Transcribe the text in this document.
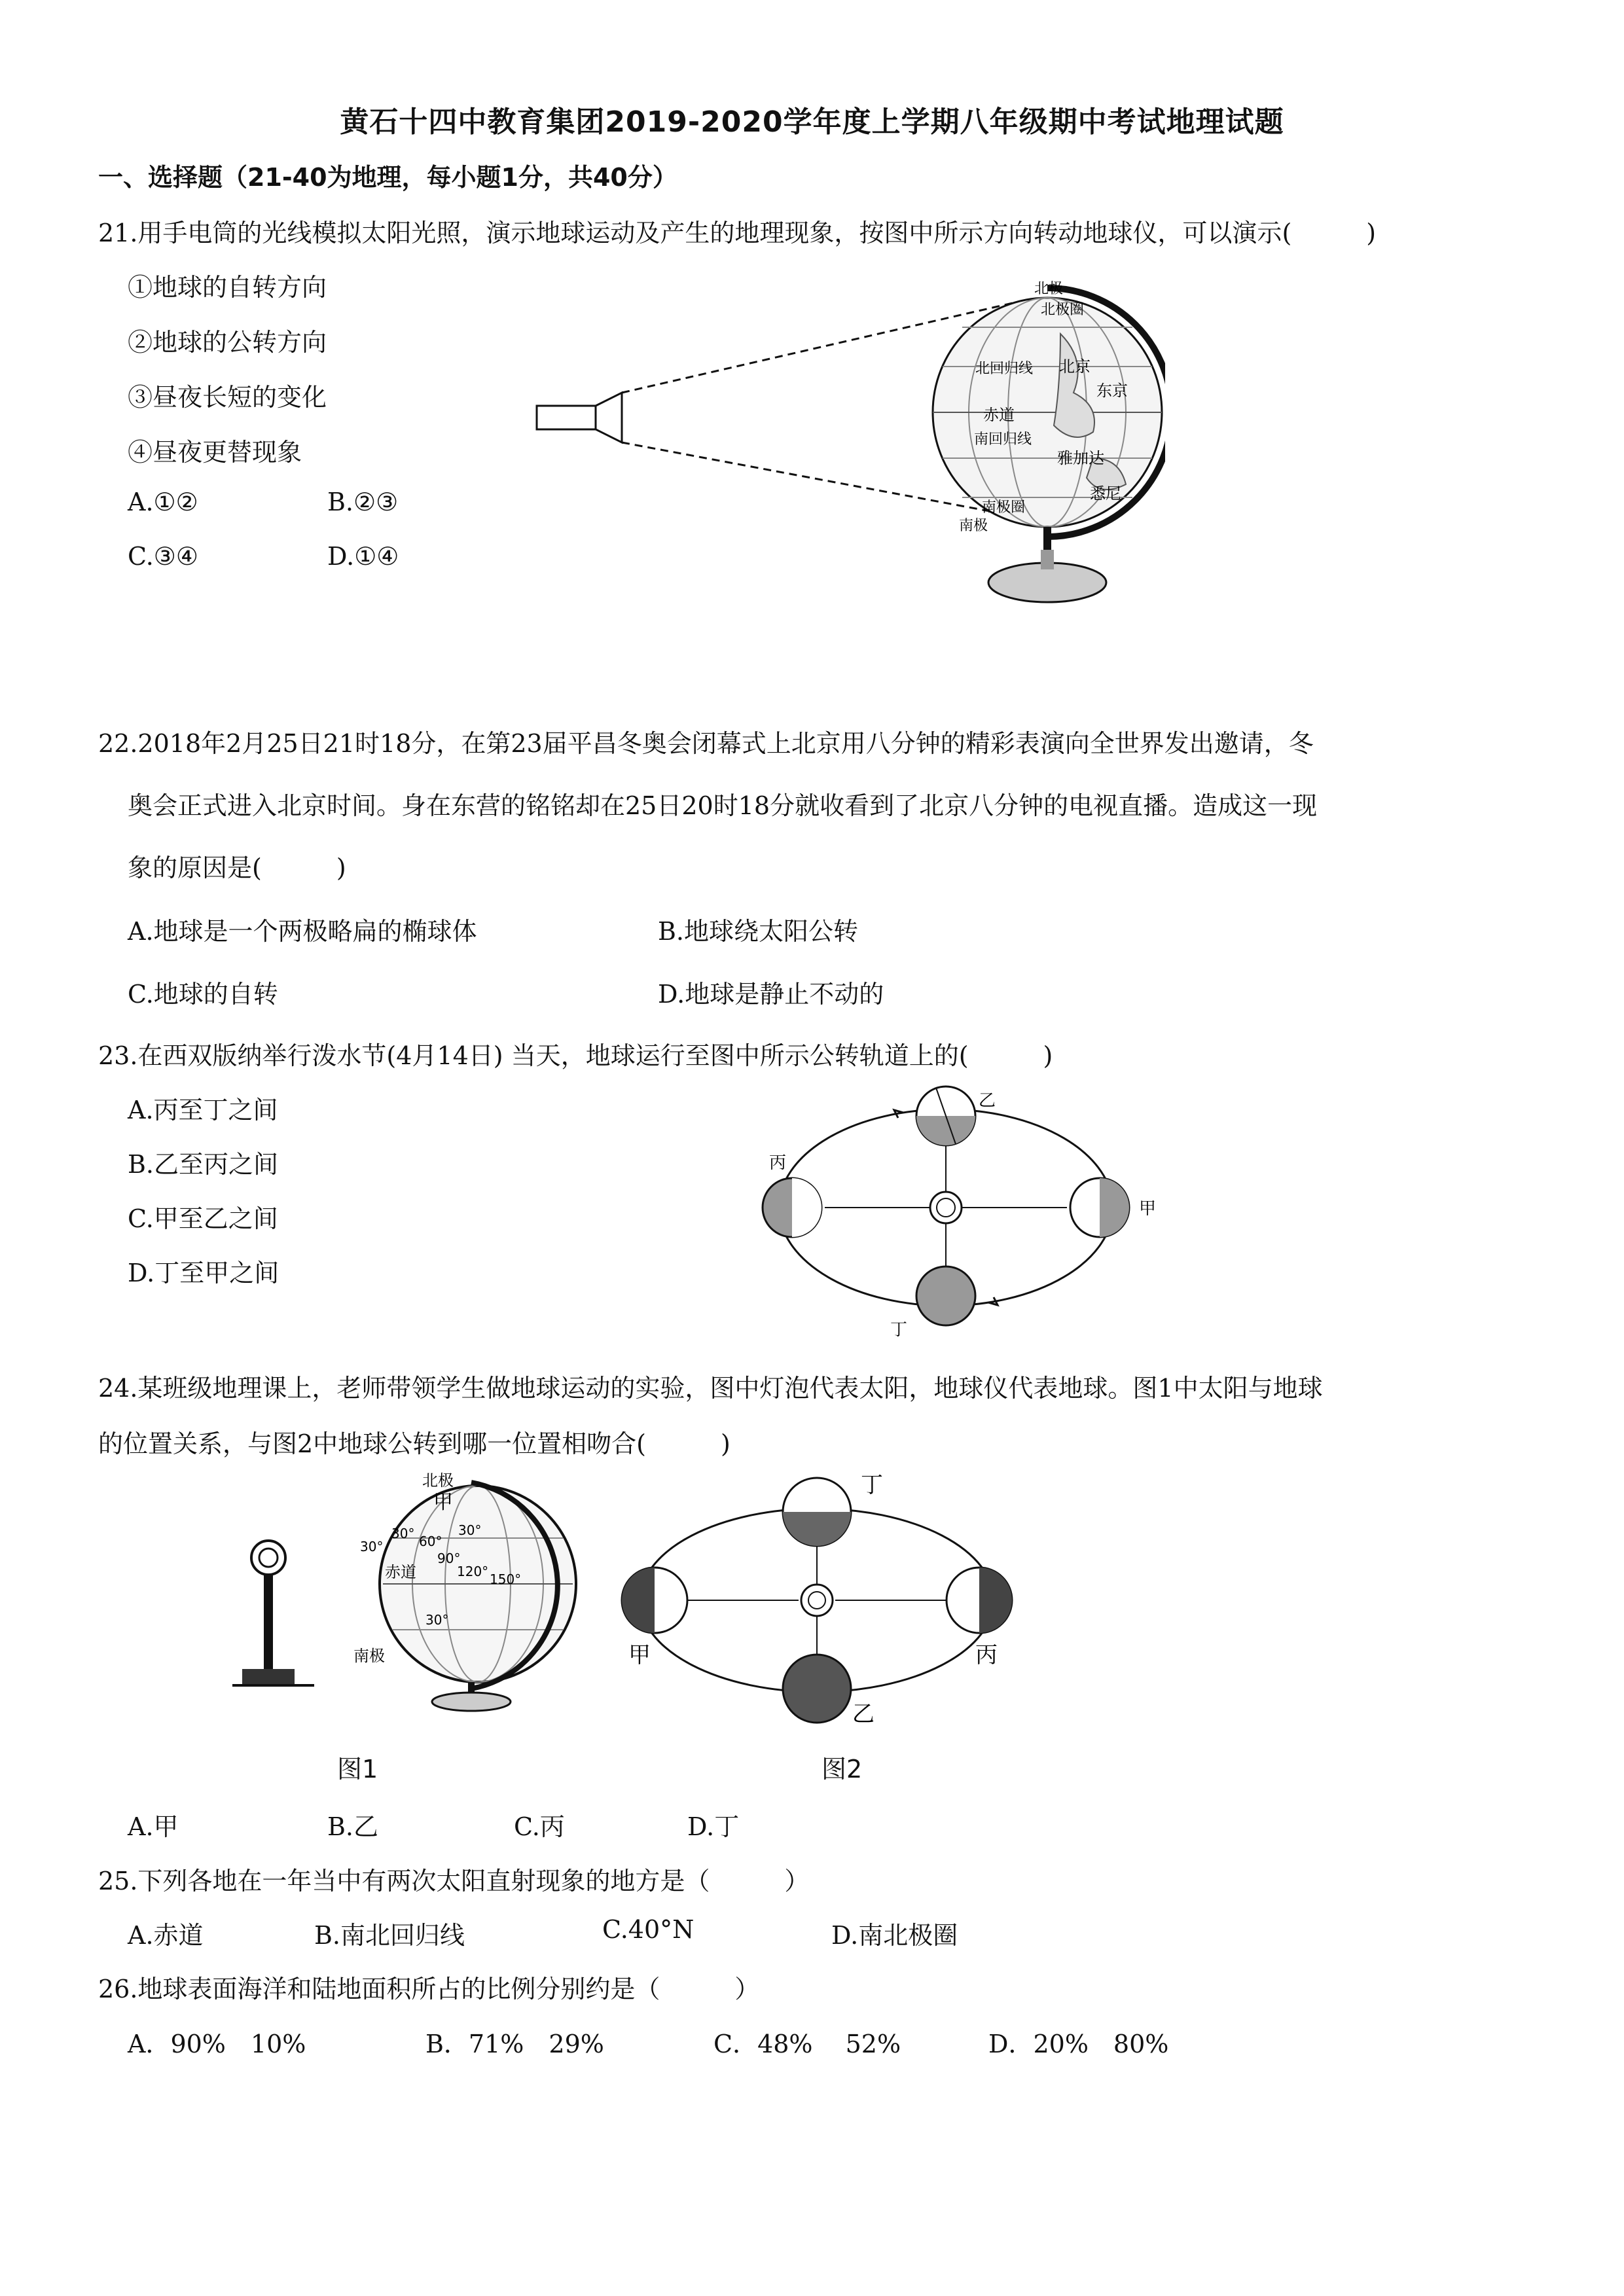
黄石十四中教育集团2019-2020学年度上学期八年级期中考试地理试题
一、选择题（21-40为地理，每小题1分，共40分）
21.用手电筒的光线模拟太阳光照，演示地球运动及产生的地理现象，按图中所示方向转动地球仪，可以演示(　　　)
①地球的自转方向
②地球的公转方向
③昼夜长短的变化
④昼夜更替现象
A.①②	B.②③
C.③④	D.①④
北极
北极圈
北回归线 北京
东京
赤道
南回归线
雅加达
悉尼
南极圈
南极
22.2018年2月25日21时18分，在第23届平昌冬奥会闭幕式上北京用八分钟的精彩表演向全世界发出邀请，冬
奥会正式进入北京时间。身在东营的铭铭却在25日20时18分就收看到了北京八分钟的电视直播。造成这一现
象的原因是(　　　)
A.地球是一个两极略扁的椭球体	B.地球绕太阳公转
C.地球的自转	D.地球是静止不动的
23.在西双版纳举行泼水节(4月14日) 当天，地球运行至图中所示公转轨道上的(　　　)
A.丙至丁之间
B.乙至丙之间
C.甲至乙之间
D.丁至甲之间
乙
丙
甲
丁
24.某班级地理课上，老师带领学生做地球运动的实验，图中灯泡代表太阳，地球仪代表地球。图1中太阳与地球
的位置关系，与图2中地球公转到哪一位置相吻合(　　　)
北极
甲
30°	30°
60°
90°
赤道	120° 150°
30°
南极
30°
丁
甲	丙
乙
图1	图2
A.甲	B.乙	C.丙	D.丁
25.下列各地在一年当中有两次太阳直射现象的地方是（　　　）
A.赤道	B.南北回归线	C.40°N	D.南北极圈
26.地球表面海洋和陆地面积所占的比例分别约是（　　　）
A．90%　10%	B．71%　29%	C．48%　 52%	D．20%　80%
